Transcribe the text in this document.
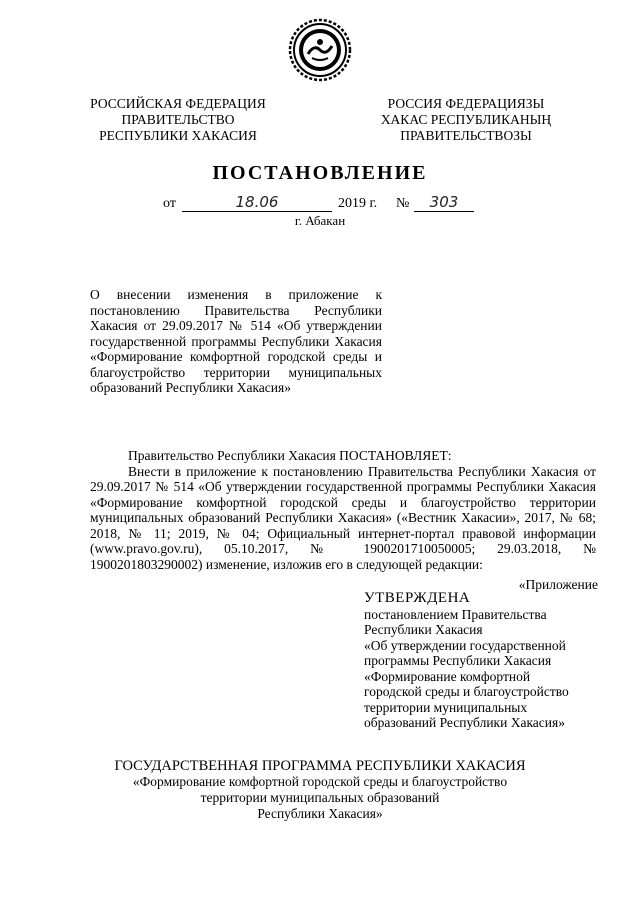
РОССИЙСКАЯ ФЕДЕРАЦИЯ
ПРАВИТЕЛЬСТВО
РЕСПУБЛИКИ ХАКАСИЯ
РОССИЯ ФЕДЕРАЦИЯЗЫ
ХАКАС РЕСПУБЛИКАНЫҢ
ПРАВИТЕЛЬСТВОЗЫ
ПОСТАНОВЛЕНИЕ
от	18.06	2019 г. №	303
г. Абакан
О внесении изменения в приложение к постановлению Правительства Республики Хакасия от 29.09.2017 № 514 «Об утверждении государственной программы Республики Хакасия «Формирование комфортной городской среды и благоустройство территории муниципальных образований Республики Хакасия»

Правительство Республики Хакасия ПОСТАНОВЛЯЕТ:

Внести в приложение к постановлению Правительства Республики Хакасия от 29.09.2017 № 514 «Об утверждении государственной программы Республики Хакасия «Формирование комфортной городской среды и благоустройство территории муниципальных образований Республики Хакасия» («Вестник Хакасии», 2017, № 68; 2018, № 11; 2019, № 04; Официальный интернет-портал правовой информации (www.pravo.gov.ru), 05.10.2017, № 1900201710050005; 29.03.2018, № 1900201803290002) изменение, изложив его в следующей редакции:

«Приложение
УТВЕРЖДЕНА
постановлением Правительства
Республики Хакасия
«Об утверждении государственной
программы Республики Хакасия
«Формирование комфортной
городской среды и благоустройство
территории муниципальных
образований Республики Хакасия»
ГОСУДАРСТВЕННАЯ ПРОГРАММА РЕСПУБЛИКИ ХАКАСИЯ
«Формирование комфортной городской среды и благоустройство
территории муниципальных образований
Республики Хакасия»
